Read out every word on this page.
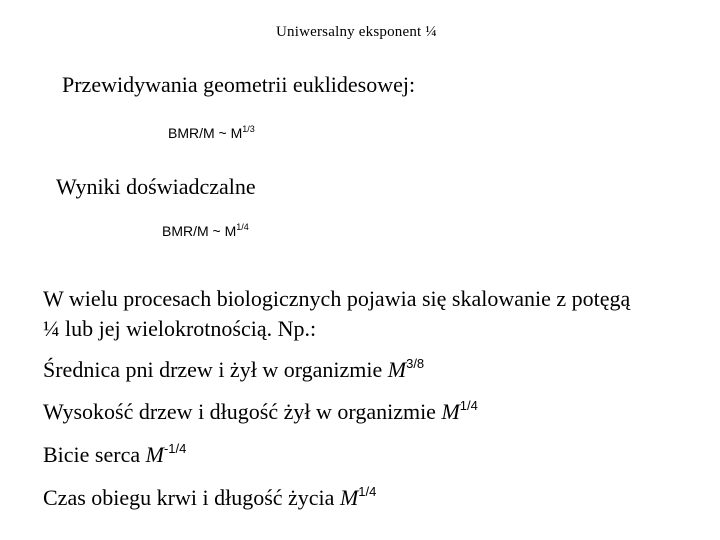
Uniwersalny eksponent ¼
Przewidywania geometrii euklidesowej:
BMR/M ~ $M^{1/3}$
Wyniki doświadczalne
BMR/M ~ $M^{1/4}$
W wielu procesach biologicznych pojawia się skalowanie z potęgą
¼ lub jej wielokrotnością. Np.:
Średnica pni drzew i żył w organizmie $M^{3/8}$
Wysokość drzew i długość żył w organizmie $M^{1/4}$
Bicie serca $M^{-1/4}$
Czas obiegu krwi i długość życia $M^{1/4}$
